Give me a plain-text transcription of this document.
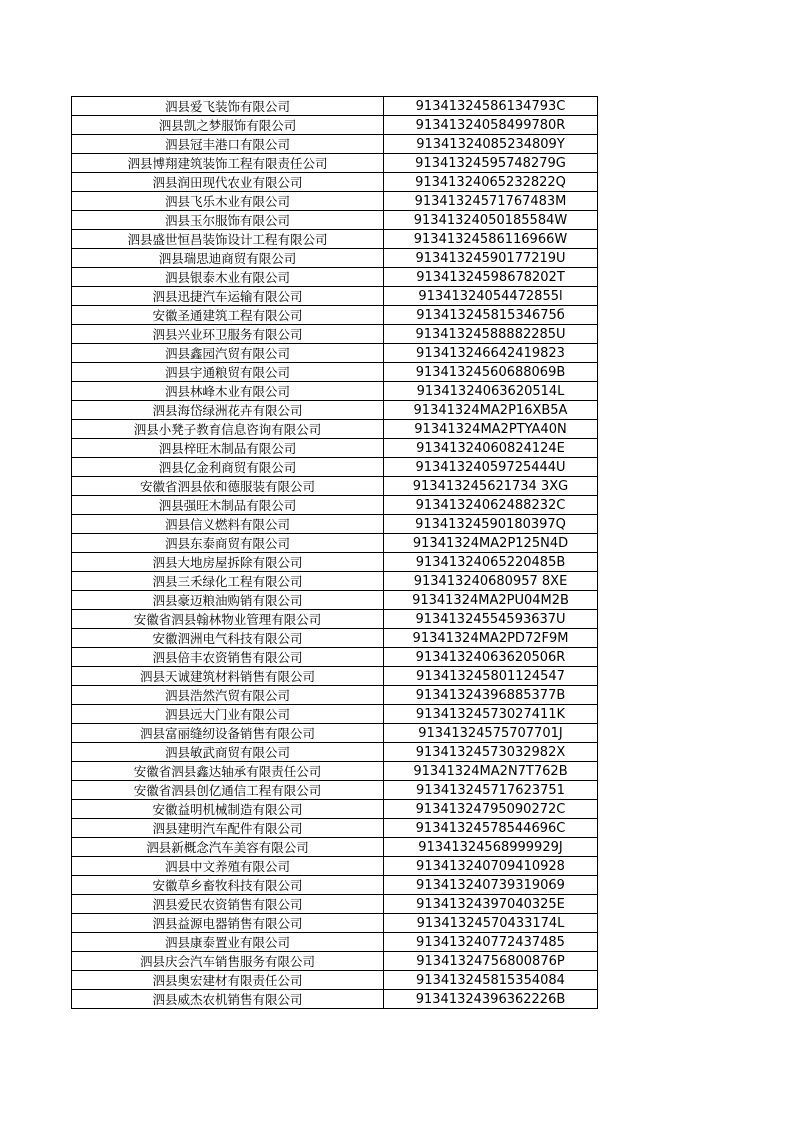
泗县爱飞装饰有限公司	91341324586134793C
泗县凯之梦服饰有限公司	91341324058499780R
泗县冠丰港口有限公司	91341324085234809Y
泗县博翔建筑装饰工程有限责任公司	91341324595748279G
泗县润田现代农业有限公司	91341324065232822Q
泗县飞乐木业有限公司	91341324571767483M
泗县玉尔服饰有限公司	91341324050185584W
泗县盛世恒昌装饰设计工程有限公司	91341324586116966W
泗县瑞思迪商贸有限公司	91341324590177219U
泗县银泰木业有限公司	91341324598678202T
泗县迅捷汽车运输有限公司	91341324054472855l
安徽圣通建筑工程有限公司	91341324581534675б
泗县兴业环卫服务有限公司	91341324588882285U
泗县鑫园汽贸有限公司	913413246642419823
泗县宇通粮贸有限公司	91341324560688069B
泗县林峰木业有限公司	91341324063620514L
泗县海岱绿洲花卉有限公司	91341324MA2P16XB5A
泗县小凳子教育信息咨询有限公司	91341324MA2PTYA40N
泗县梓旺木制品有限公司	91341324060824124E
泗县亿金利商贸有限公司	91341324059725444U
安徽省泗县依和德服装有限公司	913413245621734 3XG
泗县强旺木制品有限公司	91341324062488232C
泗县信义燃料有限公司	91341324590180397Q
泗县东泰商贸有限公司	91341324MA2P125N4D
泗县大地房屋拆除有限公司	91341324065220485B
泗县三禾绿化工程有限公司	913413240680957 8XE
泗县豪迈粮油购销有限公司	91341324MA2PU04M2B
安徽省泗县翰林物业管理有限公司	91341324554593637U
安徽泗洲电气科技有限公司	91341324MA2PD72F9M
泗县倍丰农资销售有限公司	91341324063620506R
泗县天诚建筑材料销售有限公司	913413245801124547
泗县浩然汽贸有限公司	91341324396885377B
泗县远大门业有限公司	91341324573027411K
泗县富丽缝纫设备销售有限公司	91341324575707701J
泗县敏武商贸有限公司	91341324573032982X
安徽省泗县鑫达轴承有限责任公司	91341324MA2N7T762B
安徽省泗县创亿通信工程有限公司	913413245717623751
安徽益明机械制造有限公司	91341324795090272C
泗县建明汽车配件有限公司	91341324578544696C
泗县新概念汽车美容有限公司	91341324568999929J
泗县中文养殖有限公司	913413240709410928
安徽草乡畜牧科技有限公司	913413240739319069
泗县爱民农资销售有限公司	91341324397040325E
泗县益源电器销售有限公司	91341324570433174L
泗县康泰置业有限公司	913413240772437485
泗县庆会汽车销售服务有限公司	91341324756800876P
泗县奥宏建材有限责任公司	913413245815354084
泗县威杰农机销售有限公司	91341324396362226B
